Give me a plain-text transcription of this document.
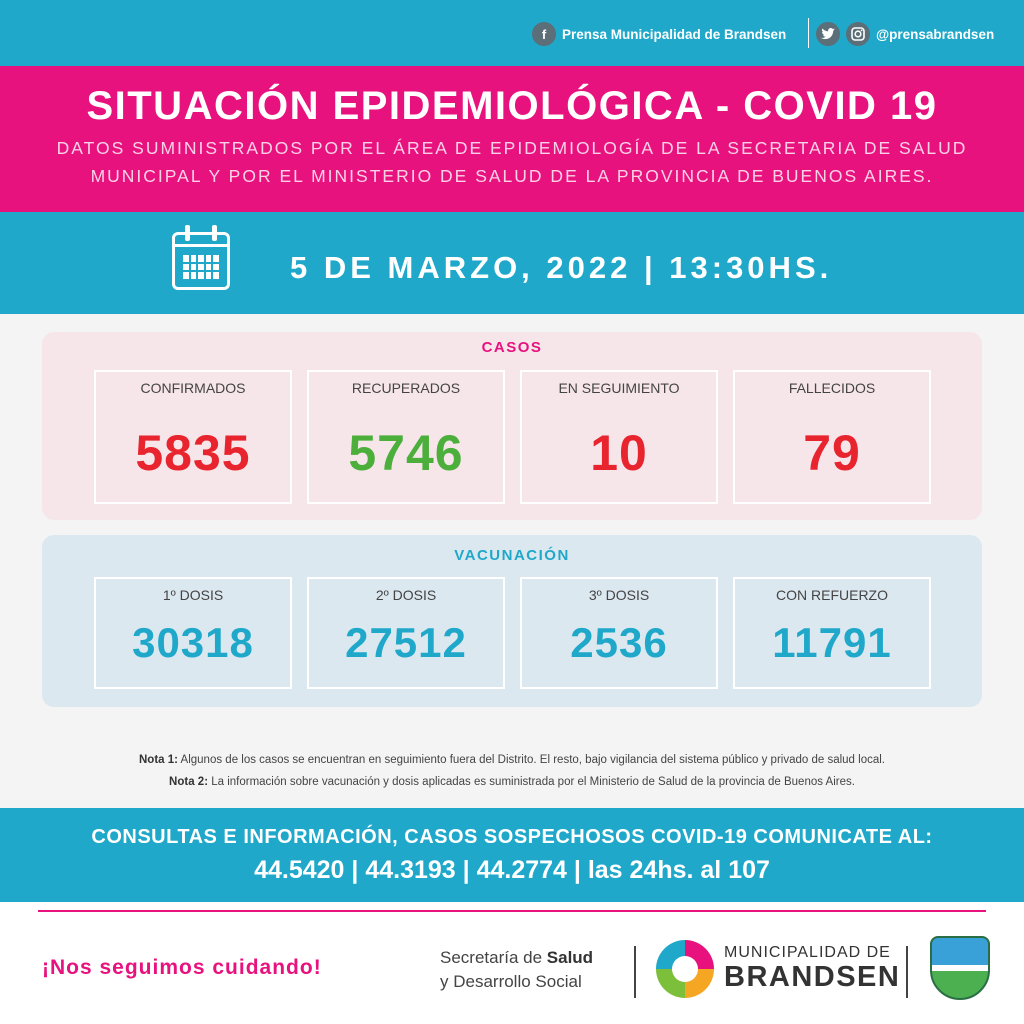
f	Prensa Municipalidad de Brandsen	@prensabrandsen
SITUACIÓN EPIDEMIOLÓGICA - COVID 19

DATOS SUMINISTRADOS POR EL ÁREA DE EPIDEMIOLOGÍA DE LA SECRETARIA DE SALUD
MUNICIPAL Y POR EL MINISTERIO DE SALUD DE LA PROVINCIA DE BUENOS AIRES.

5 DE MARZO, 2022 | 13:30HS.
CASOS
CONFIRMADOS
5835
RECUPERADOS
5746
EN SEGUIMIENTO
10
FALLECIDOS
79
VACUNACIÓN
1º DOSIS
30318
2º DOSIS
27512
3º DOSIS
2536
CON REFUERZO
11791
Nota 1: Algunos de los casos se encuentran en seguimiento fuera del Distrito. El resto, bajo vigilancia del sistema público y privado de salud local.
Nota 2: La información sobre vacunación y dosis aplicadas es suministrada por el Ministerio de Salud de la provincia de Buenos Aires.
CONSULTAS E INFORMACIÓN, CASOS SOSPECHOSOS COVID-19 COMUNICATE AL:
44.5420 | 44.3193 | 44.2774 | las 24hs. al 107
¡Nos seguimos cuidando!	Secretaría de Salud
y Desarrollo Social
MUNICIPALIDAD DE
BRANDSEN
